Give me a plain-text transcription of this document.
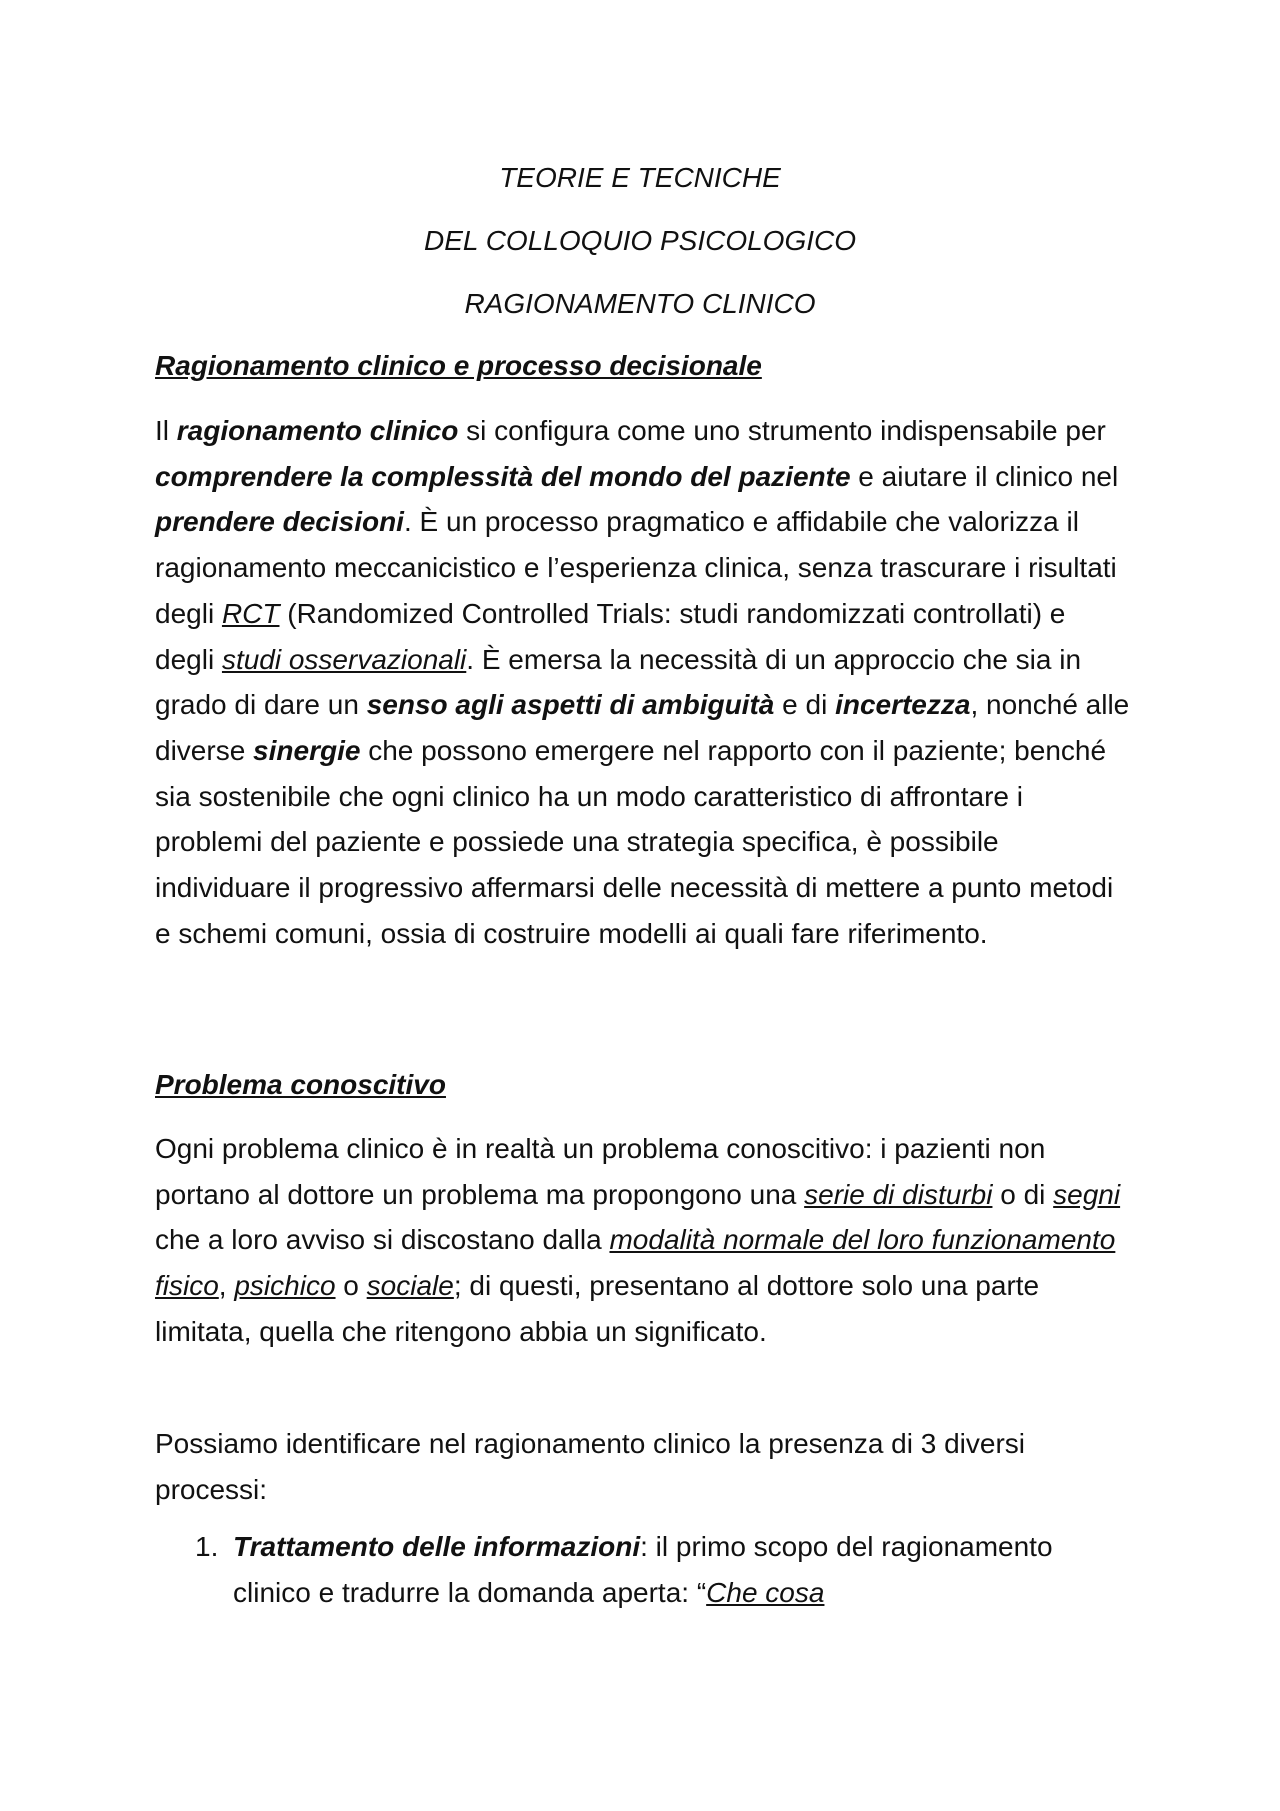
TEORIE E TECNICHE
DEL COLLOQUIO PSICOLOGICO
RAGIONAMENTO CLINICO
Ragionamento clinico e processo decisionale
Il ragionamento clinico si configura come uno strumento indispensabile per comprendere la complessità del mondo del paziente e aiutare il clinico nel prendere decisioni. È un processo pragmatico e affidabile che valorizza il ragionamento meccanicistico e l’esperienza clinica, senza trascurare i risultati degli RCT (Randomized Controlled Trials: studi randomizzati controllati) e degli studi osservazionali. È emersa la necessità di un approccio che sia in grado di dare un senso agli aspetti di ambiguità e di incertezza, nonché alle diverse sinergie che possono emergere nel rapporto con il paziente; benché sia sostenibile che ogni clinico ha un modo caratteristico di affrontare i problemi del paziente e possiede una strategia specifica, è possibile individuare il progressivo affermarsi delle necessità di mettere a punto metodi e schemi comuni, ossia di costruire modelli ai quali fare riferimento.
Problema conoscitivo
Ogni problema clinico è in realtà un problema conoscitivo: i pazienti non portano al dottore un problema ma propongono una serie di disturbi o di segni che a loro avviso si discostano dalla modalità normale del loro funzionamento fisico, psichico o sociale; di questi, presentano al dottore solo una parte limitata, quella che ritengono abbia un significato.
Possiamo identificare nel ragionamento clinico la presenza di 3 diversi processi:
1. Trattamento delle informazioni: il primo scopo del ragionamento clinico e tradurre la domanda aperta: “Che cosa
